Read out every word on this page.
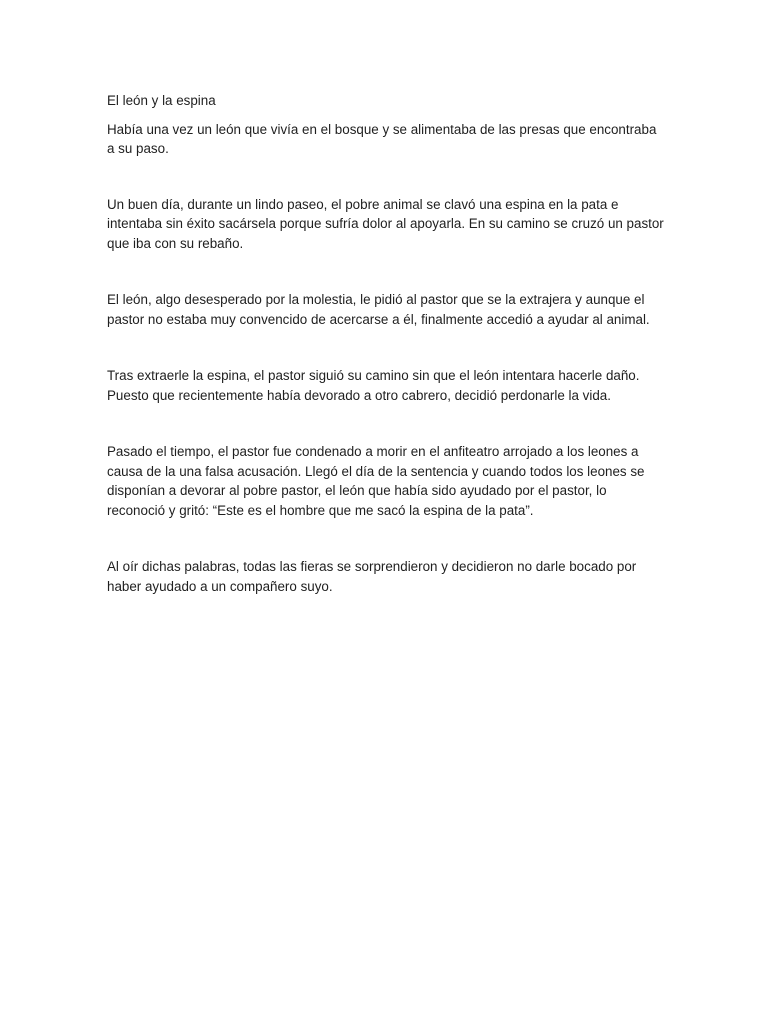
El león y la espina

Había una vez un león que vivía en el bosque y se alimentaba de las presas que encontraba a su paso.

Un buen día, durante un lindo paseo, el pobre animal se clavó una espina en la pata e intentaba sin éxito sacársela porque sufría dolor al apoyarla. En su camino se cruzó un pastor que iba con su rebaño.

El león, algo desesperado por la molestia, le pidió al pastor que se la extrajera y aunque el pastor no estaba muy convencido de acercarse a él, finalmente accedió a ayudar al animal.

Tras extraerle la espina, el pastor siguió su camino sin que el león intentara hacerle daño. Puesto que recientemente había devorado a otro cabrero, decidió perdonarle la vida.

Pasado el tiempo, el pastor fue condenado a morir en el anfiteatro arrojado a los leones a causa de la una falsa acusación. Llegó el día de la sentencia y cuando todos los leones se disponían a devorar al pobre pastor, el león que había sido ayudado por el pastor, lo reconoció y gritó: “Este es el hombre que me sacó la espina de la pata”.

Al oír dichas palabras, todas las fieras se sorprendieron y decidieron no darle bocado por haber ayudado a un compañero suyo.
